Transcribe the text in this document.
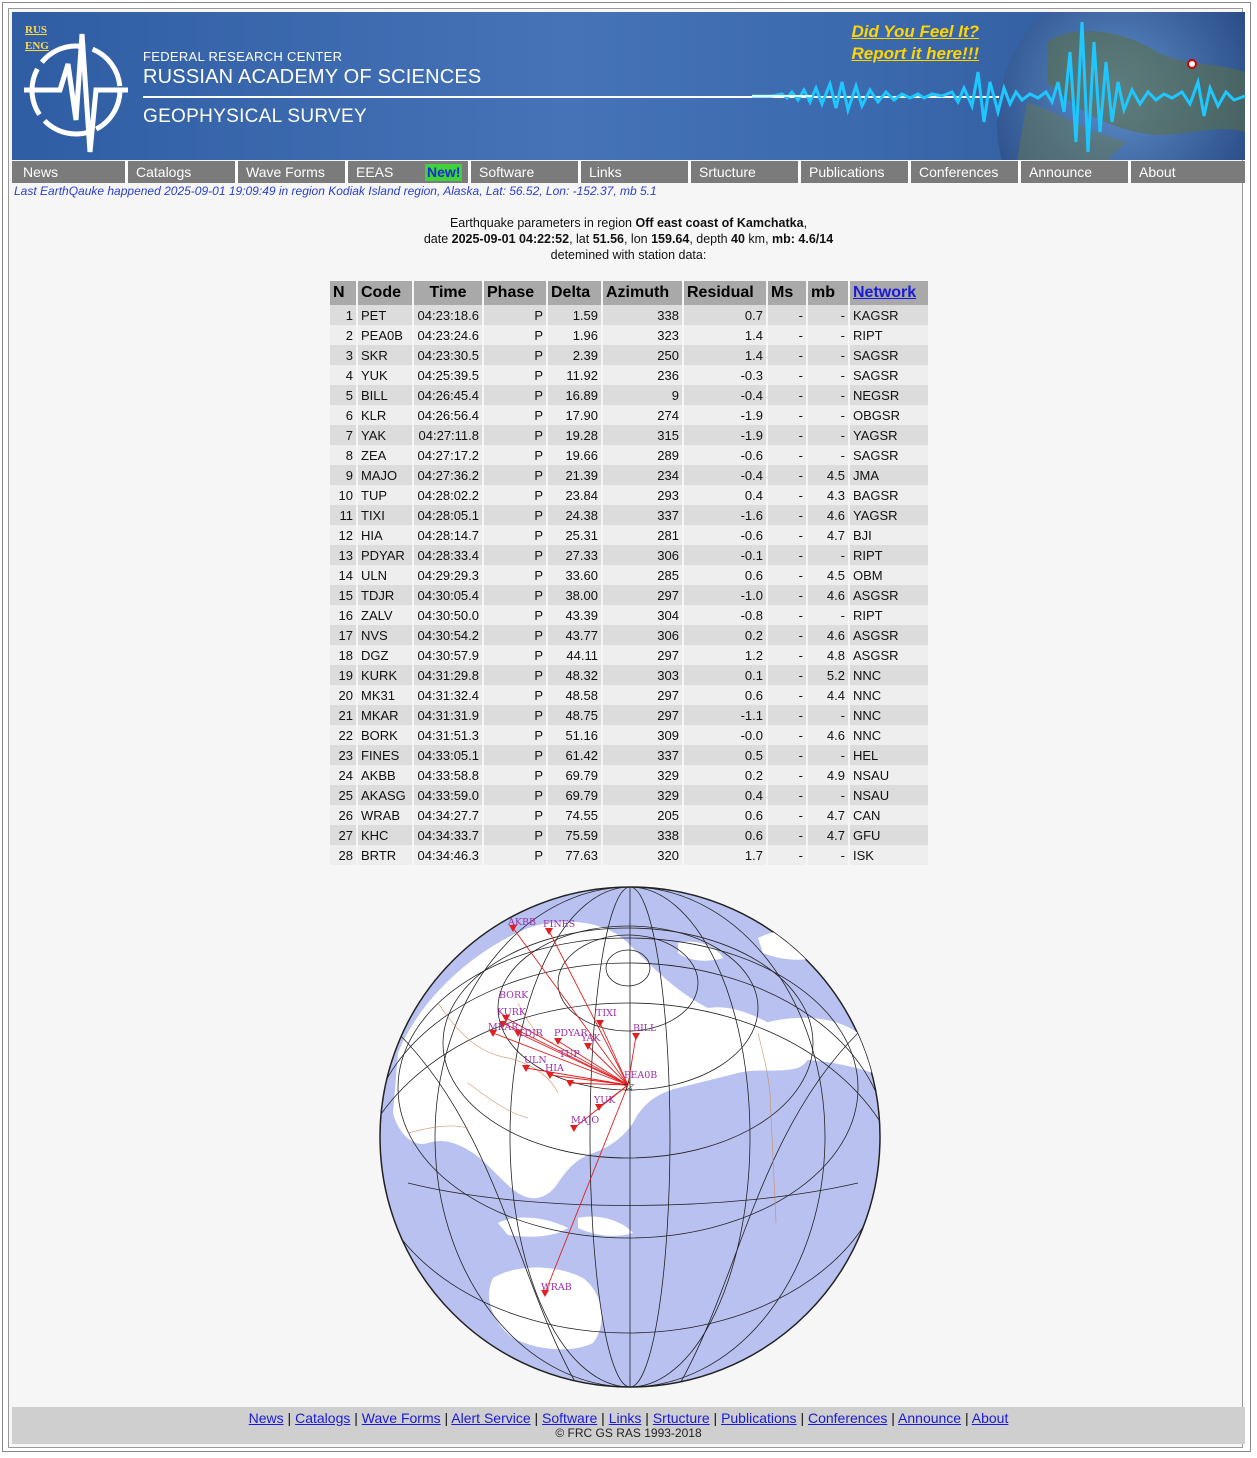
RUS
ENG
FEDERAL RESEARCH CENTER
RUSSIAN ACADEMY OF SCIENCES
GEOPHYSICAL SURVEY
Did You Feel It?
Report it here!!!
News	Catalogs	Wave Forms	EEAS	New!	Software	Links	Srtucture	Publications	Conferences	Announce	About
Last EarthQauke happened 2025-09-01 19:09:49 in region Kodiak Island region, Alaska, Lat: 56.52, Lon: -152.37, mb 5.1
Earthquake parameters in region Off east coast of Kamchatka,
date 2025-09-01 04:22:52, lat 51.56, lon 159.64, depth 40 km, mb: 4.6/14
detemined with station data:
N	Code	Time	Phase	Delta	Azimuth	Residual	Ms	mb	Network
1	PET	04:23:18.6	P	1.59	338	0.7	-	-	KAGSR
2	PEA0B	04:23:24.6	P	1.96	323	1.4	-	-	RIPT
3	SKR	04:23:30.5	P	2.39	250	1.4	-	-	SAGSR
4	YUK	04:25:39.5	P	11.92	236	-0.3	-	-	SAGSR
5	BILL	04:26:45.4	P	16.89	9	-0.4	-	-	NEGSR
6	KLR	04:26:56.4	P	17.90	274	-1.9	-	-	OBGSR
7	YAK	04:27:11.8	P	19.28	315	-1.9	-	-	YAGSR
8	ZEA	04:27:17.2	P	19.66	289	-0.6	-	-	SAGSR
9	MAJO	04:27:36.2	P	21.39	234	-0.4	-	4.5	JMA
10	TUP	04:28:02.2	P	23.84	293	0.4	-	4.3	BAGSR
11	TIXI	04:28:05.1	P	24.38	337	-1.6	-	4.6	YAGSR
12	HIA	04:28:14.7	P	25.31	281	-0.6	-	4.7	BJI
13	PDYAR	04:28:33.4	P	27.33	306	-0.1	-	-	RIPT
14	ULN	04:29:29.3	P	33.60	285	0.6	-	4.5	OBM
15	TDJR	04:30:05.4	P	38.00	297	-1.0	-	4.6	ASGSR
16	ZALV	04:30:50.0	P	43.39	304	-0.8	-	-	RIPT
17	NVS	04:30:54.2	P	43.77	306	0.2	-	4.6	ASGSR
18	DGZ	04:30:57.9	P	44.11	297	1.2	-	4.8	ASGSR
19	KURK	04:31:29.8	P	48.32	303	0.1	-	5.2	NNC
20	MK31	04:31:32.4	P	48.58	297	0.6	-	4.4	NNC
21	MKAR	04:31:31.9	P	48.75	297	-1.1	-	-	NNC
22	BORK	04:31:51.3	P	51.16	309	-0.0	-	4.6	NNC
23	FINES	04:33:05.1	P	61.42	337	0.5	-	-	HEL
24	AKBB	04:33:58.8	P	69.79	329	0.2	-	4.9	NSAU
25	AKASG	04:33:59.0	P	69.79	329	0.4	-	-	NSAU
26	WRAB	04:34:27.7	P	74.55	205	0.6	-	4.7	CAN
27	KHC	04:34:33.7	P	75.59	338	0.6	-	4.7	GFU
28	BRTR	04:34:46.3	P	77.63	320	1.7	-	-	ISK
AKBB FINES
BORK
KURK
MKAR
TDJR PDYAR
YAK
TIXI
BILL
ULN
HIA
TUP
YUK
MAJO
WRAB
PEA0B
☆
News | Catalogs | Wave Forms | Alert Service | Software | Links | Srtucture | Publications | Conferences | Announce | About
© FRC GS RAS 1993-2018
